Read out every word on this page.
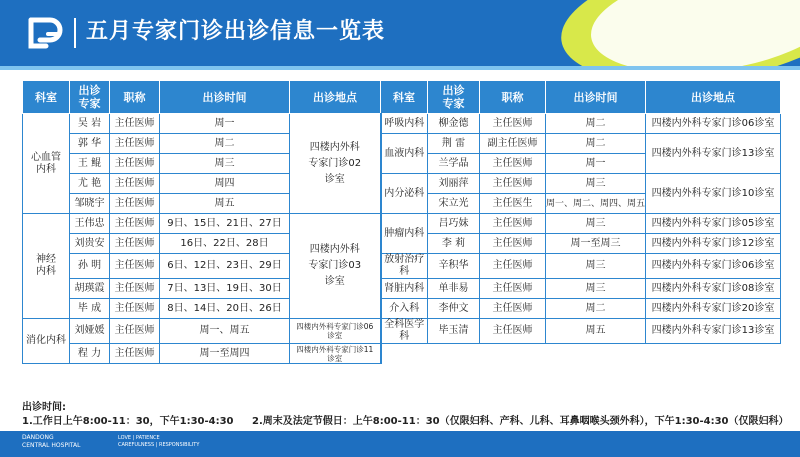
五月专家门诊出诊信息一览表
科室	出诊专家	职称	出诊时间	出诊地点	科室	出诊专家	职称	出诊时间	出诊地点
心血管内科	吴 岩	主任医师	周一	四楼内外科专家门诊02诊室	呼吸内科	柳金德	主任医师	周二	四楼内外科专家门诊06诊室
	郭 华	主任医师	周二		血液内科	荆 雷	副主任医师	周二	四楼内外科专家门诊13诊室
	王 鲲	主任医师	周三			兰学晶	主任医师	周一	
	尤 艳	主任医师	周四		内分泌科	刘丽萍	主任医师	周三	四楼内外科专家门诊10诊室
	邹晓宇	主任医师	周五			宋立光	主任医生	周一、周二、周四、周五	
神经内科	王伟忠	主任医师	9日、15日、21日、27日	四楼内外科专家门诊03诊室	肿瘤内科	吕巧妹	主任医师	周三	四楼内外科专家门诊05诊室
	刘贵安	主任医师	16日、22日、28日			李 莉	主任医师	周一至周三	四楼内外科专家门诊12诊室
	孙 明	主任医师	6日、12日、23日、29日		放射治疗科	辛积华	主任医师	周三	四楼内外科专家门诊06诊室
	胡瑛霞	主任医师	7日、13日、19日、30日		肾脏内科	单非易	主任医师	周三	四楼内外科专家门诊08诊室
	毕 成	主任医师	8日、14日、20日、26日		介入科	李仲文	主任医师	周二	四楼内外科专家门诊20诊室
消化内科	刘娅媛	主任医师	周一、周五	四楼内外科专家门诊06诊室	全科医学科	毕玉清	主任医师	周五	四楼内外科专家门诊13诊室
	程 力	主任医师	周一至周四	四楼内外科专家门诊11诊室					
出诊时间:
1.工作日上午8:00-11：30，下午1:30-4:30 2.周末及法定节假日：上午8:00-11：30（仅限妇科、产科、儿科、耳鼻咽喉头颈外科），下午1:30-4:30（仅限妇科）
DANDONG
CENTRAL HOSPITAL
LOVE | PATIENCE
CAREFULNESS | RESPONSIBILITY
